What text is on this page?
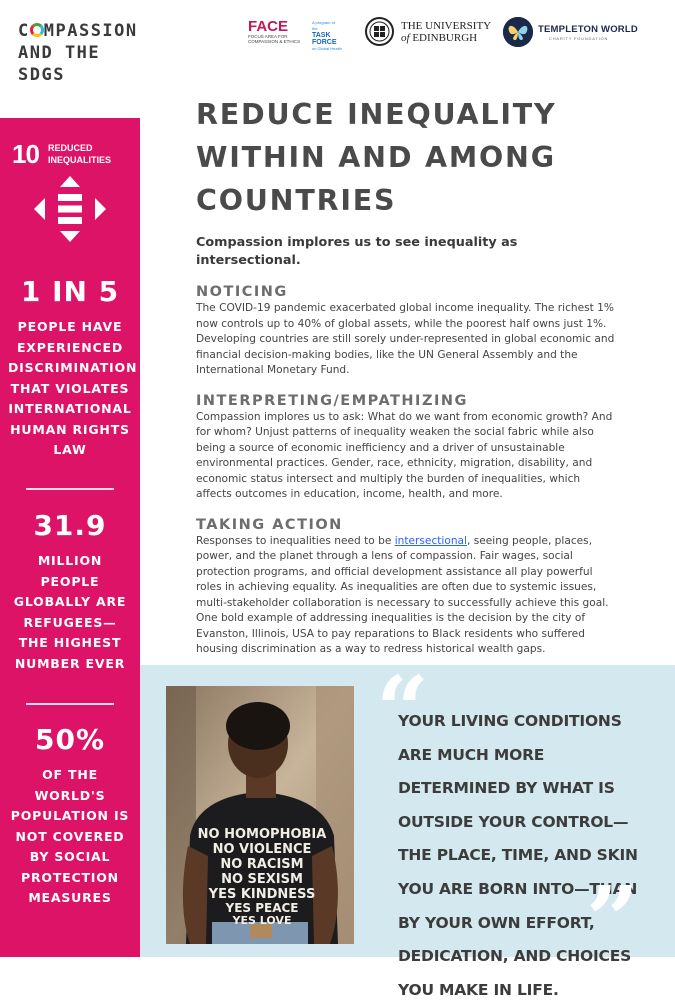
C MPASSION
AND THE
SDGS
FACE
FOCUS AREA FOR COMPASSION & ETHICS
A program of
the
TASK FORCE
on Global Health
THE UNIVERSITY
of EDINBURGH
TEMPLETON WORLD
CHARITY FOUNDATION
10 REDUCED INEQUALITIES
1 IN 5
PEOPLE HAVE EXPERIENCED DISCRIMINATION THAT VIOLATES INTERNATIONAL HUMAN RIGHTS LAW
31.9
MILLION PEOPLE GLOBALLY ARE REFUGEES— THE HIGHEST NUMBER EVER
50%
OF THE WORLD'S POPULATION IS NOT COVERED BY SOCIAL PROTECTION MEASURES
REDUCE INEQUALITY WITHIN AND AMONG COUNTRIES

Compassion implores us to see inequality as intersectional.

NOTICING

The COVID-19 pandemic exacerbated global income inequality. The richest 1% now controls up to 40% of global assets, while the poorest half owns just 1%. Developing countries are still sorely under-represented in global economic and financial decision-making bodies, like the UN General Assembly and the International Monetary Fund.

INTERPRETING/EMPATHIZING

Compassion implores us to ask: What do we want from economic growth? And for whom? Unjust patterns of inequality weaken the social fabric while also being a source of economic inefficiency and a driver of unsustainable environmental practices. Gender, race, ethnicity, migration, disability, and economic status intersect and multiply the burden of inequalities, which affects outcomes in education, income, health, and more.

TAKING ACTION

Responses to inequalities need to be intersectional, seeing people, places, power, and the planet through a lens of compassion. Fair wages, social protection programs, and official development assistance all play powerful roles in achieving equality. As inequalities are often due to systemic issues, multi-stakeholder collaboration is necessary to successfully achieve this goal. One bold example of addressing inequalities is the decision by the city of Evanston, Illinois, USA to pay reparations to Black residents who suffered housing discrimination as a way to redress historical wealth gaps.

NO HOMOPHOBIA
NO VIOLENCE
NO RACISM
NO SEXISM
YES KINDNESS
YES PEACE
YES LOVE
“
YOUR LIVING CONDITIONS ARE MUCH MORE DETERMINED BY WHAT IS OUTSIDE YOUR CONTROL—THE PLACE, TIME, AND SKIN YOU ARE BORN INTO—THAN BY YOUR OWN EFFORT, DEDICATION, AND CHOICES YOU MAKE IN LIFE.
”
